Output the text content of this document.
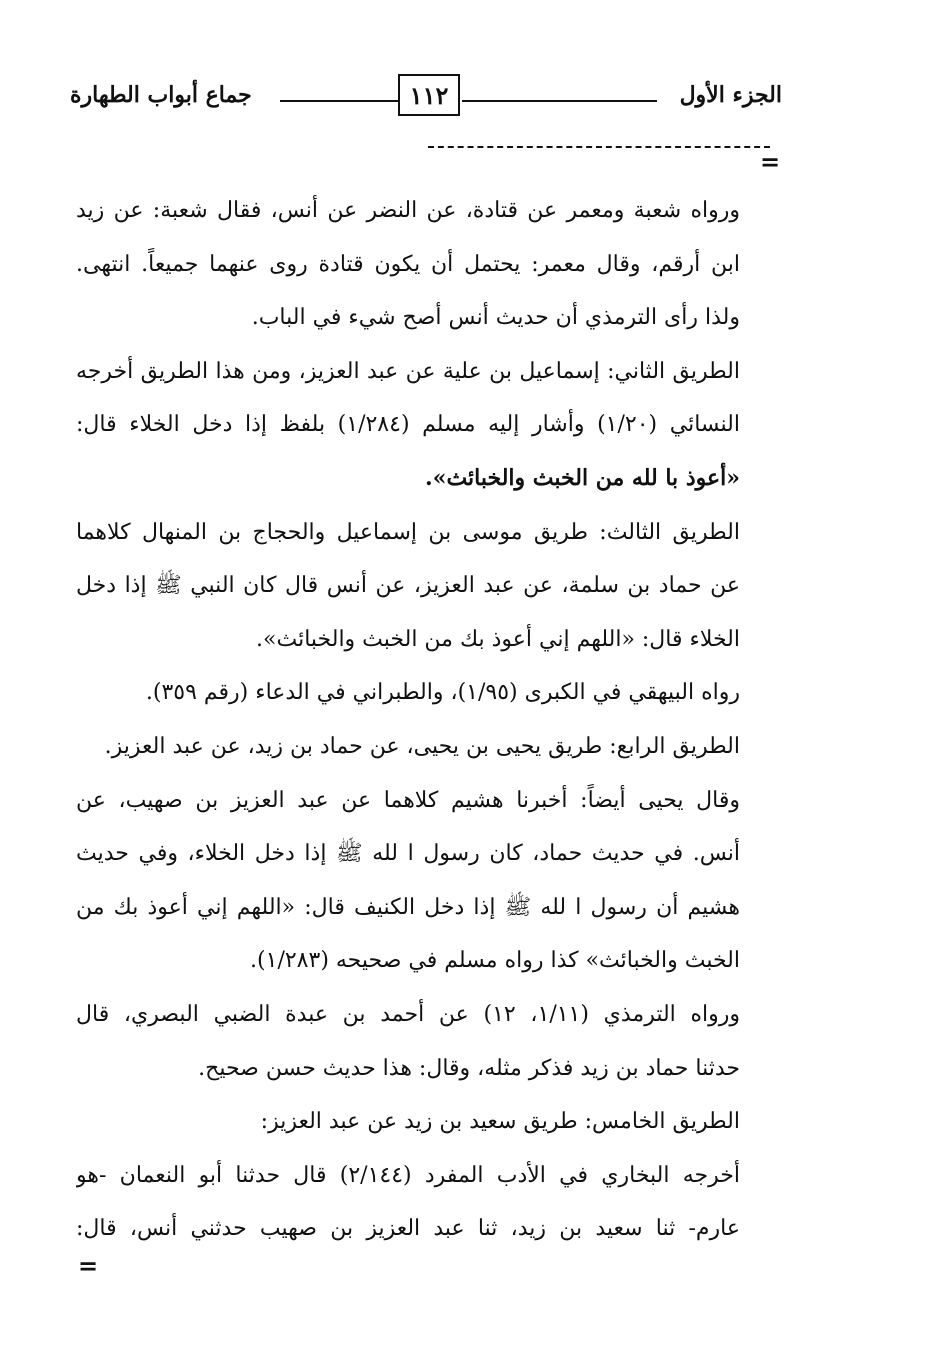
الجزء الأول
١١٢
جماع أبواب الطهارة
=
ورواه شعبة ومعمر عن قتادة، عن النضر عن أنس، فقال شعبة: عن زيد
ابن أرقم، وقال معمر: يحتمل أن يكون قتادة روى عنهما جميعاً. انتهى.
ولذا رأى الترمذي أن حديث أنس أصح شيء في الباب.
الطريق الثاني: إسماعيل بن علية عن عبد العزيز، ومن هذا الطريق أخرجه
النسائي (١/٢٠) وأشار إليه مسلم (١/٢٨٤) بلفظ إذا دخل الخلاء قال:
«أعوذ با لله من الخبث والخبائث».
الطريق الثالث: طريق موسى بن إسماعيل والحجاج بن المنهال كلاهما
عن حماد بن سلمة، عن عبد العزيز، عن أنس قال كان النبي ﷺ إذا دخل
الخلاء قال: «اللهم إني أعوذ بك من الخبث والخبائث».
رواه البيهقي في الكبرى (١/٩٥)، والطبراني في الدعاء (رقم ٣٥٩).
الطريق الرابع: طريق يحيى بن يحيى، عن حماد بن زيد، عن عبد العزيز.
وقال يحيى أيضاً: أخبرنا هشيم كلاهما عن عبد العزيز بن صهيب، عن
أنس. في حديث حماد، كان رسول ا لله ﷺ إذا دخل الخلاء، وفي حديث
هشيم أن رسول ا لله ﷺ إذا دخل الكنيف قال: «اللهم إني أعوذ بك من
الخبث والخبائث» كذا رواه مسلم في صحيحه (١/٢٨٣).
ورواه الترمذي (١/١١، ١٢) عن أحمد بن عبدة الضبي البصري، قال
حدثنا حماد بن زيد فذكر مثله، وقال: هذا حديث حسن صحيح.
الطريق الخامس: طريق سعيد بن زيد عن عبد العزيز:
أخرجه البخاري في الأدب المفرد (٢/١٤٤) قال حدثنا أبو النعمان -هو
عارم- ثنا سعيد بن زيد، ثنا عبد العزيز بن صهيب حدثني أنس، قال:
=
